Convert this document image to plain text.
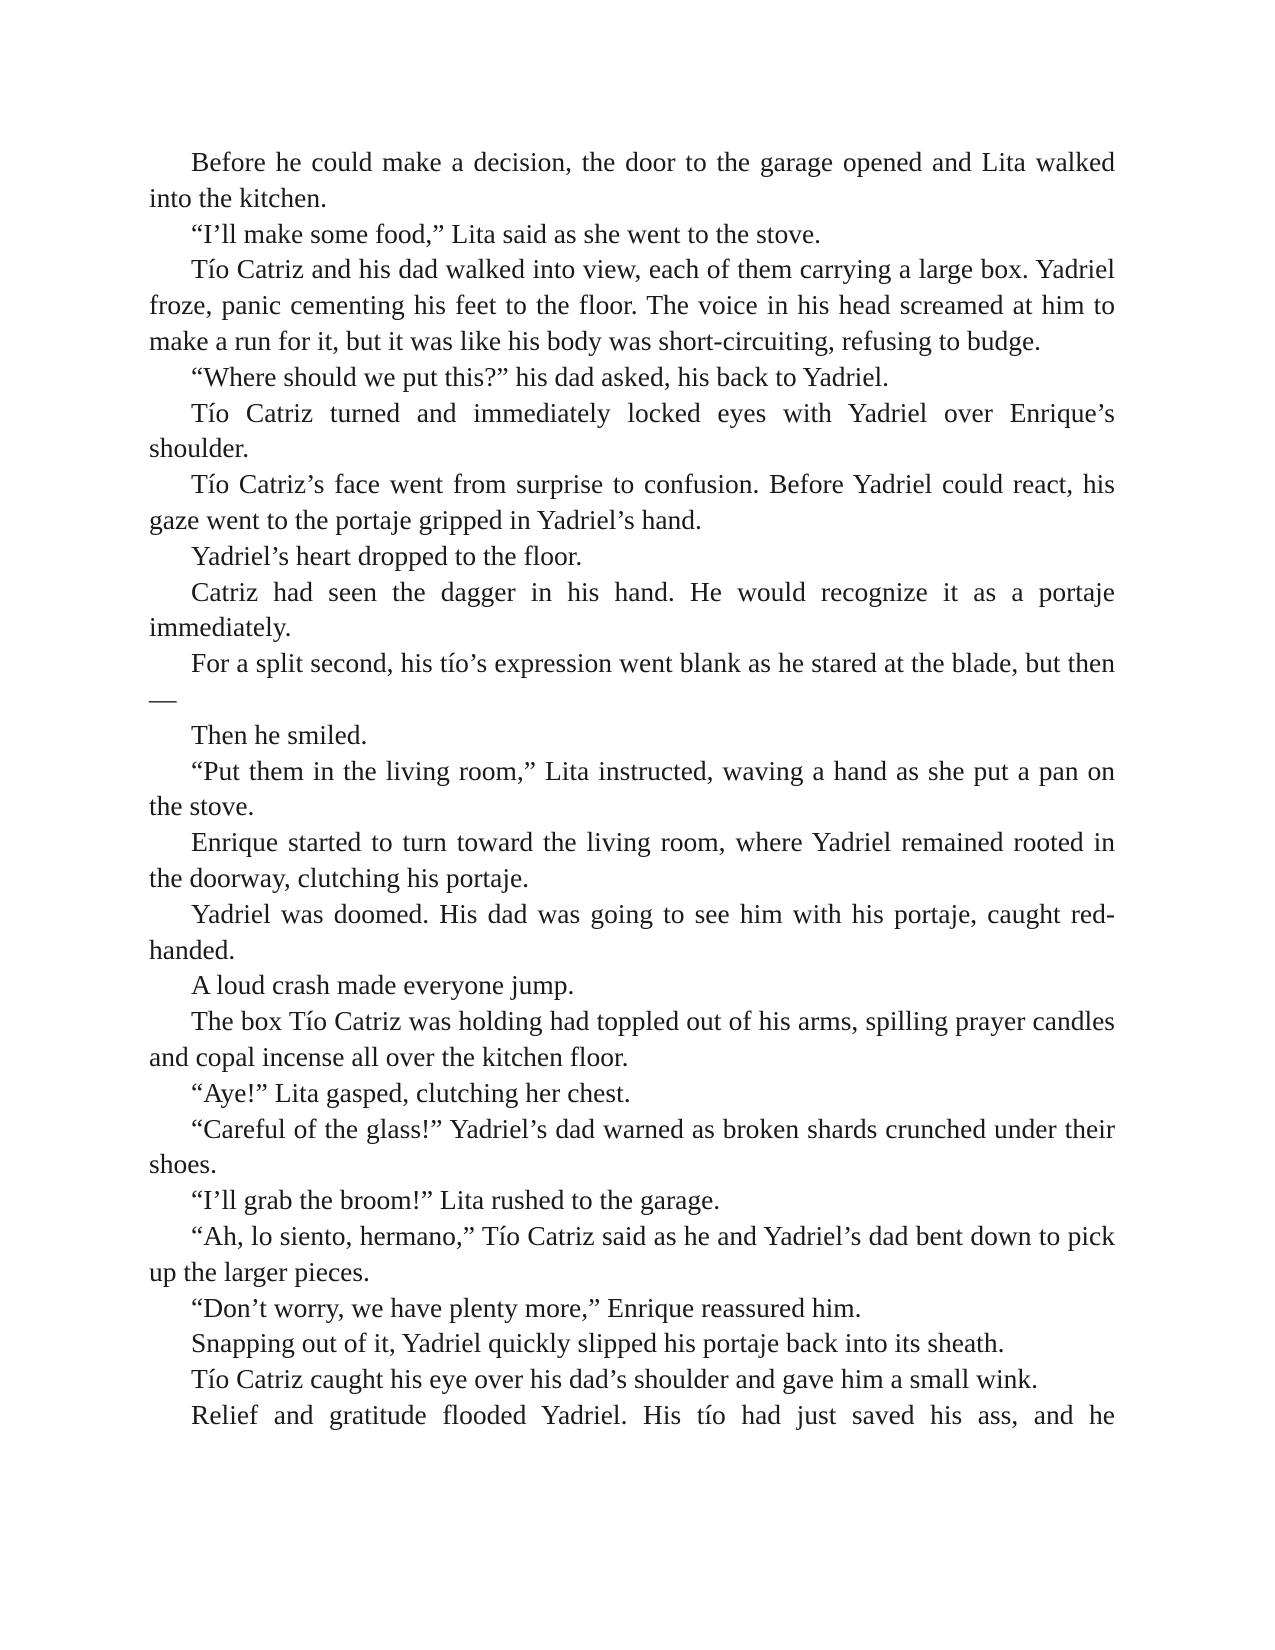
Before he could make a decision, the door to the garage opened and Lita walked into the kitchen.

“I’ll make some food,” Lita said as she went to the stove.

Tío Catriz and his dad walked into view, each of them carrying a large box. Yadriel froze, panic cementing his feet to the floor. The voice in his head screamed at him to make a run for it, but it was like his body was short-circuiting, refusing to budge.

“Where should we put this?” his dad asked, his back to Yadriel.

Tío Catriz turned and immediately locked eyes with Yadriel over Enrique’s shoulder.

Tío Catriz’s face went from surprise to confusion. Before Yadriel could react, his gaze went to the portaje gripped in Yadriel’s hand.

Yadriel’s heart dropped to the floor.

Catriz had seen the dagger in his hand. He would recognize it as a portaje immediately.

For a split second, his tío’s expression went blank as he stared at the blade, but then—

Then he smiled.

“Put them in the living room,” Lita instructed, waving a hand as she put a pan on the stove.

Enrique started to turn toward the living room, where Yadriel remained rooted in the doorway, clutching his portaje.

Yadriel was doomed. His dad was going to see him with his portaje, caught red-handed.

A loud crash made everyone jump.

The box Tío Catriz was holding had toppled out of his arms, spilling prayer candles and copal incense all over the kitchen floor.

“Aye!” Lita gasped, clutching her chest.

“Careful of the glass!” Yadriel’s dad warned as broken shards crunched under their shoes.

“I’ll grab the broom!” Lita rushed to the garage.

“Ah, lo siento, hermano,” Tío Catriz said as he and Yadriel’s dad bent down to pick up the larger pieces.

“Don’t worry, we have plenty more,” Enrique reassured him.

Snapping out of it, Yadriel quickly slipped his portaje back into its sheath.

Tío Catriz caught his eye over his dad’s shoulder and gave him a small wink.

Relief and gratitude flooded Yadriel. His tío had just saved his ass, and he
